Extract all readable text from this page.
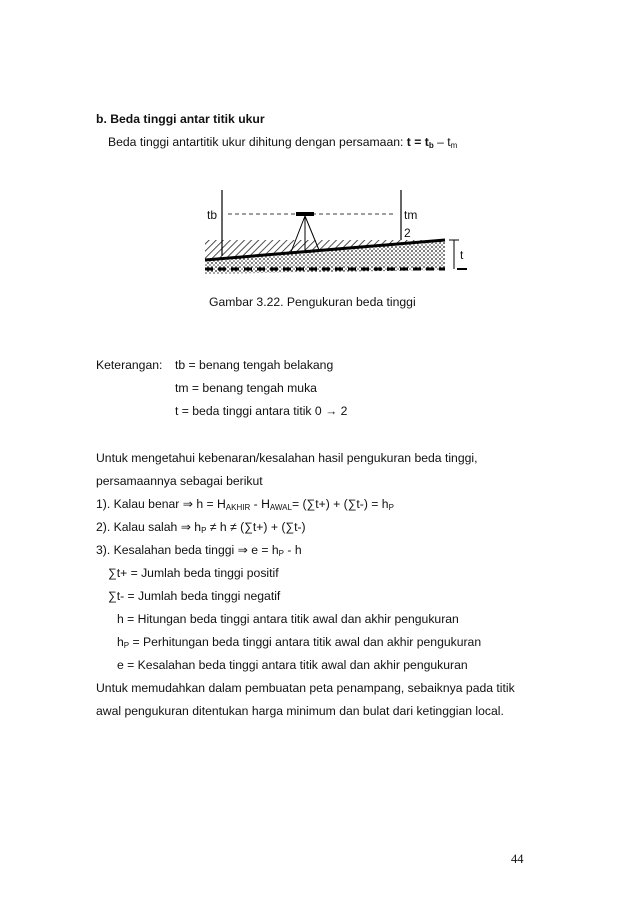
b. Beda tinggi antar titik ukur
Beda tinggi antartitik ukur dihitung dengan persamaan: $t = t_b - t_m$
tb	tm
2
t
Gambar 3.22. Pengukuran beda tinggi
Keterangan: tb = benang tengah belakang
tm = benang tengah muka
t = beda tinggi antara titik 0 → 2
Untuk mengetahui kebenaran/kesalahan hasil pengukuran beda tinggi,
persamaannya sebagai berikut
1). Kalau benar ⇒ $h = H_{AKHIR} - H_{AWAL}= (\sum t+) + (\sum t-) = h_P$
2). Kalau salah ⇒ $h_P \ne h \ne (\sum t+) + (\sum t-)$
3). Kesalahan beda tinggi ⇒ $e = h_P - h$
∑t+ = Jumlah beda tinggi positif
∑t- = Jumlah beda tinggi negatif
h = Hitungan beda tinggi antara titik awal dan akhir pengukuran
$h_P$ = Perhitungan beda tinggi antara titik awal dan akhir pengukuran
e = Kesalahan beda tinggi antara titik awal dan akhir pengukuran
Untuk memudahkan dalam pembuatan peta penampang, sebaiknya pada titik
awal pengukuran ditentukan harga minimum dan bulat dari ketinggian local.
44
